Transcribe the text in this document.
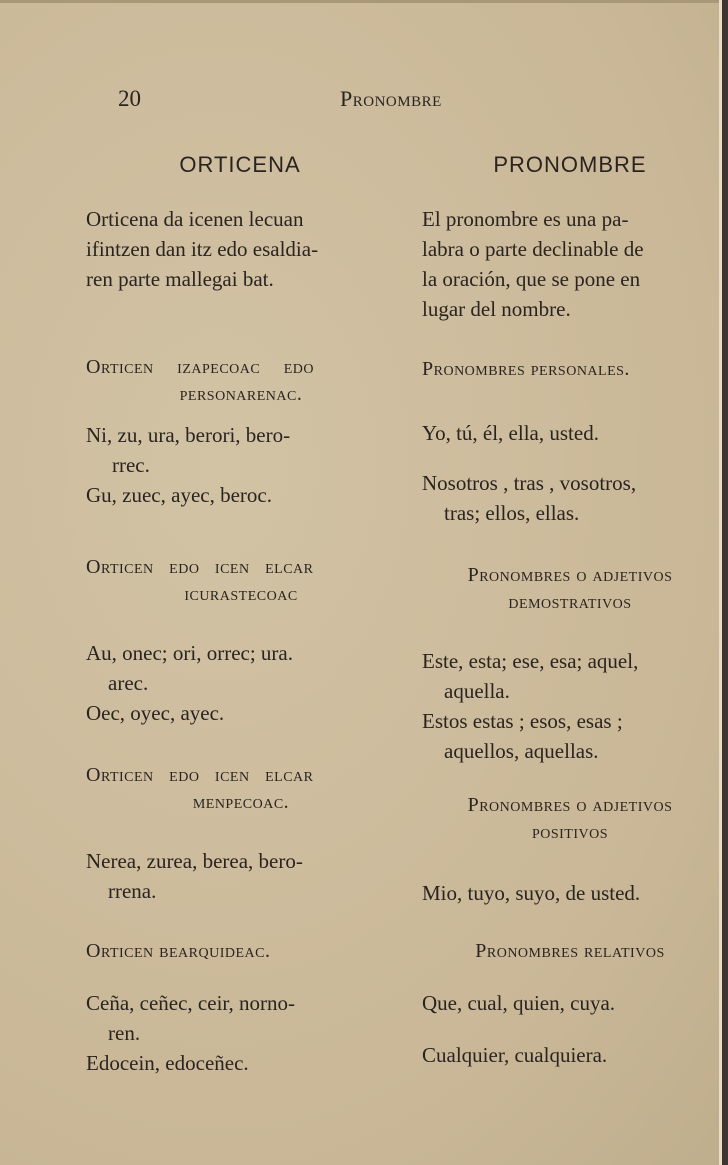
20	Pronombre
ORTICENA

Orticena da icenen lecuan

ifintzen dan itz edo esaldia-

ren parte mallegai bat.

Orticen izapecoac edo

personarenac.

Ni, zu, ura, berori, bero-

rrec.

Gu, zuec, ayec, beroc.

Orticen edo icen elcar

icurastecoac

Au, onec; ori, orrec; ura.

arec.

Oec, oyec, ayec.

Orticen edo icen elcar

menpecoac.

Nerea, zurea, berea, bero-

rrena.

Orticen bearquideac.

Ceña, ceñec, ceir, norno-

ren.

Edocein, edoceñec.

PRONOMBRE

El pronombre es una pa-

labra o parte declinable de

la oración, que se pone en

lugar del nombre.

Pronombres personales.

Yo, tú, él, ella, usted.

Nosotros , tras , vosotros,

tras; ellos, ellas.

Pronombres o adjetivos

demostrativos

Este, esta; ese, esa; aquel,

aquella.

Estos estas ; esos, esas ;

aquellos, aquellas.

Pronombres o adjetivos

positivos

Mio, tuyo, suyo, de usted.

Pronombres relativos

Que, cual, quien, cuya.

Cualquier, cualquiera.
